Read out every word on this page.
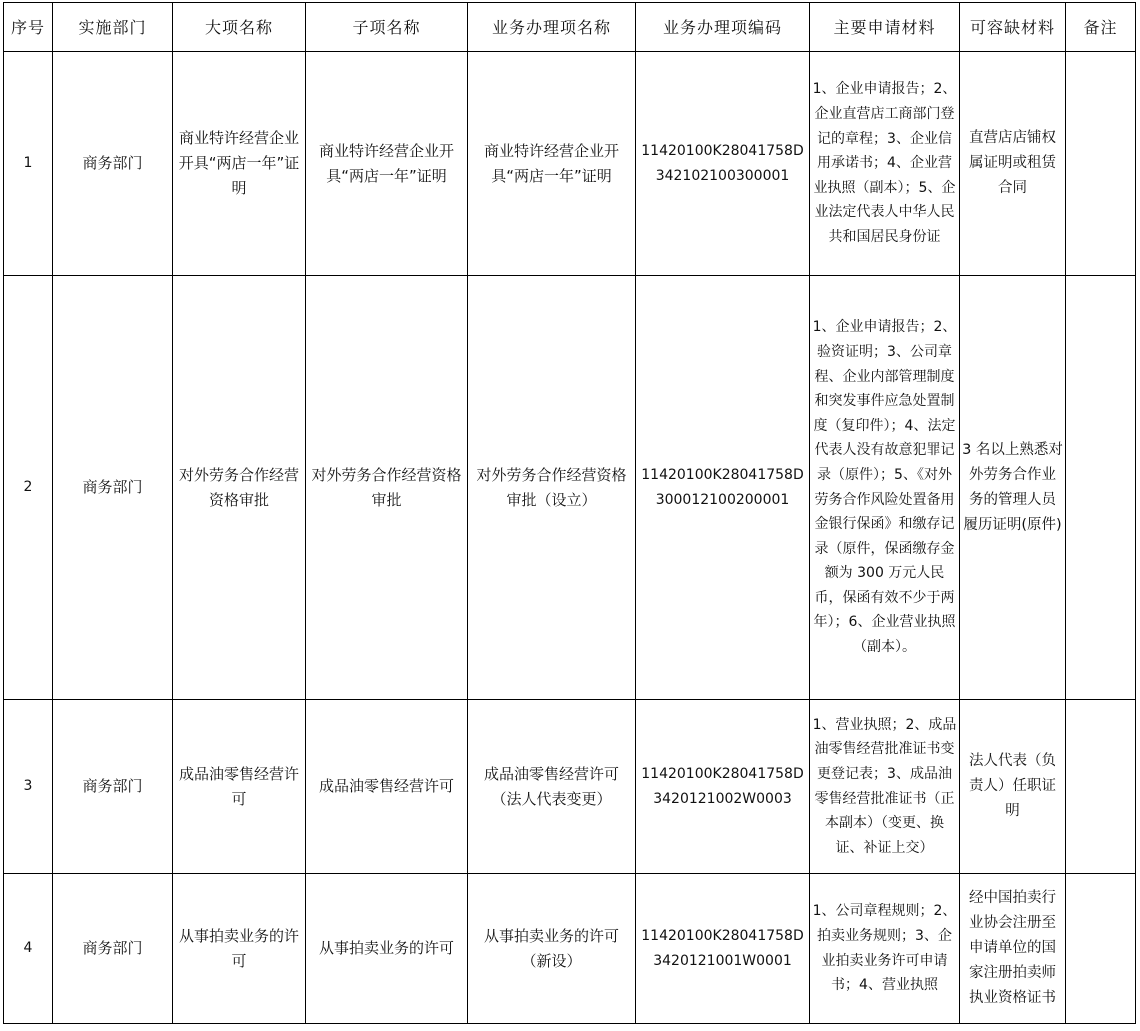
序号	实施部门	大项名称	子项名称	业务办理项名称	业务办理项编码	主要申请材料	可容缺材料	备注
1	商务部门	商业特许经营企业开具“两店一年”证明	商业特许经营企业开具“两店一年”证明	商业特许经营企业开具“两店一年”证明	11420100K28041758D342102100300001	1、企业申请报告；2、企业直营店工商部门登记的章程；3、企业信用承诺书；4、企业营业执照（副本）；5、企业法定代表人中华人民共和国居民身份证	直营店店铺权属证明或租赁合同	
2	商务部门	对外劳务合作经营资格审批	对外劳务合作经营资格审批	对外劳务合作经营资格审批（设立）	11420100K28041758D300012100200001	1、企业申请报告；2、验资证明；3、公司章程、企业内部管理制度和突发事件应急处置制度（复印件）；4、法定代表人没有故意犯罪记录（原件）；5、《对外劳务合作风险处置备用金银行保函》和缴存记录（原件，保函缴存金额为 300 万元人民币，保函有效不少于两年）；6、企业营业执照（副本）。	3 名以上熟悉对外劳务合作业务的管理人员履历证明(原件)	
3	商务部门	成品油零售经营许可	成品油零售经营许可	成品油零售经营许可（法人代表变更）	11420100K28041758D3420121002W0003	1、营业执照；2、成品油零售经营批准证书变更登记表；3、成品油零售经营批准证书（正本副本）（变更、换证、补证上交）	法人代表（负责人）任职证明	
4	商务部门	从事拍卖业务的许可	从事拍卖业务的许可	从事拍卖业务的许可（新设）	11420100K28041758D3420121001W0001	1、公司章程规则；2、拍卖业务规则；3、企业拍卖业务许可申请书；4、营业执照	经中国拍卖行业协会注册至申请单位的国家注册拍卖师执业资格证书	
